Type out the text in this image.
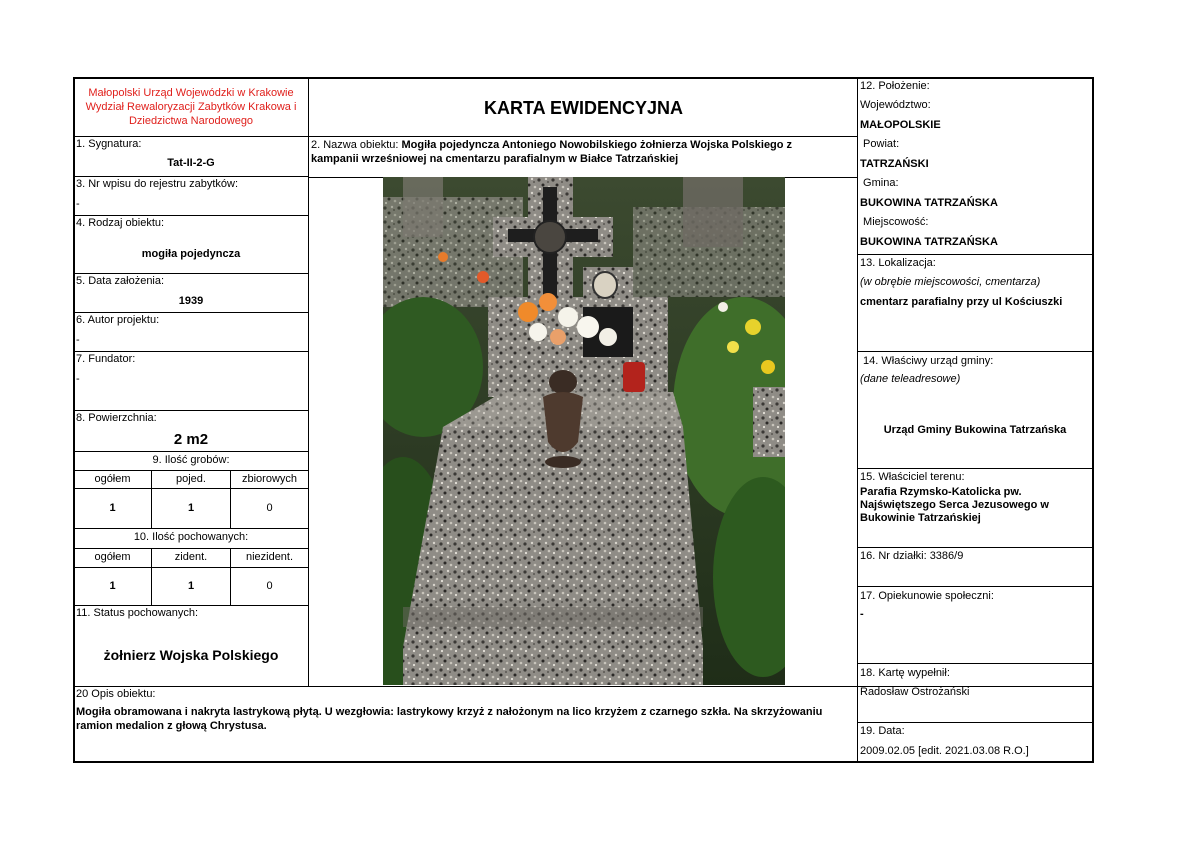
Małopolski Urząd Wojewódzki w Krakowie
Wydział Rewaloryzacji Zabytków Krakowa i
Dziedzictwa Narodowego
KARTA EWIDENCYJNA
1. Sygnatura:
Tat-II-2-G
3. Nr wpisu do rejestru zabytków:
-
4. Rodzaj obiektu:
mogiła pojedyncza
5. Data założenia:
1939
6. Autor projektu:
-
7. Fundator:
-
8. Powierzchnia:
2 m2
9. Ilość grobów:
ogółem	pojed.	zbiorowych
1	1	0
10. Ilość pochowanych:
ogółem	zident.	niezident.
1	1	0
11. Status pochowanych:
żołnierz Wojska Polskiego
2. Nazwa obiektu: Mogiła pojedyncza Antoniego Nowobilskiego żołnierza Wojska Polskiego z
kampanii wrześniowej na cmentarzu parafialnym w Białce Tatrzańskiej
20 Opis obiektu:
Mogiła obramowana i nakryta lastrykową płytą. U wezgłowia: lastrykowy krzyż z nałożonym na lico krzyżem z czarnego szkła. Na skrzyżowaniu
ramion medalion z głową Chrystusa.
12. Położenie:
Województwo:
MAŁOPOLSKIE
Powiat:
TATRZAŃSKI
Gmina:
BUKOWINA TATRZAŃSKA
Miejscowość:
BUKOWINA TATRZAŃSKA
13. Lokalizacja:
(w obrębie miejscowości, cmentarza)
cmentarz parafialny przy ul Kościuszki
14. Właściwy urząd gminy:
(dane teleadresowe)
Urząd Gminy Bukowina Tatrzańska
15. Właściciel terenu:
Parafia Rzymsko-Katolicka pw.
Najświętszego Serca Jezusowego w
Bukowinie Tatrzańskiej
16. Nr działki: 3386/9
17. Opiekunowie społeczni:
-
18. Kartę wypełnił:
Radosław Ostrożański
19. Data:
2009.02.05 [edit. 2021.03.08 R.O.]
